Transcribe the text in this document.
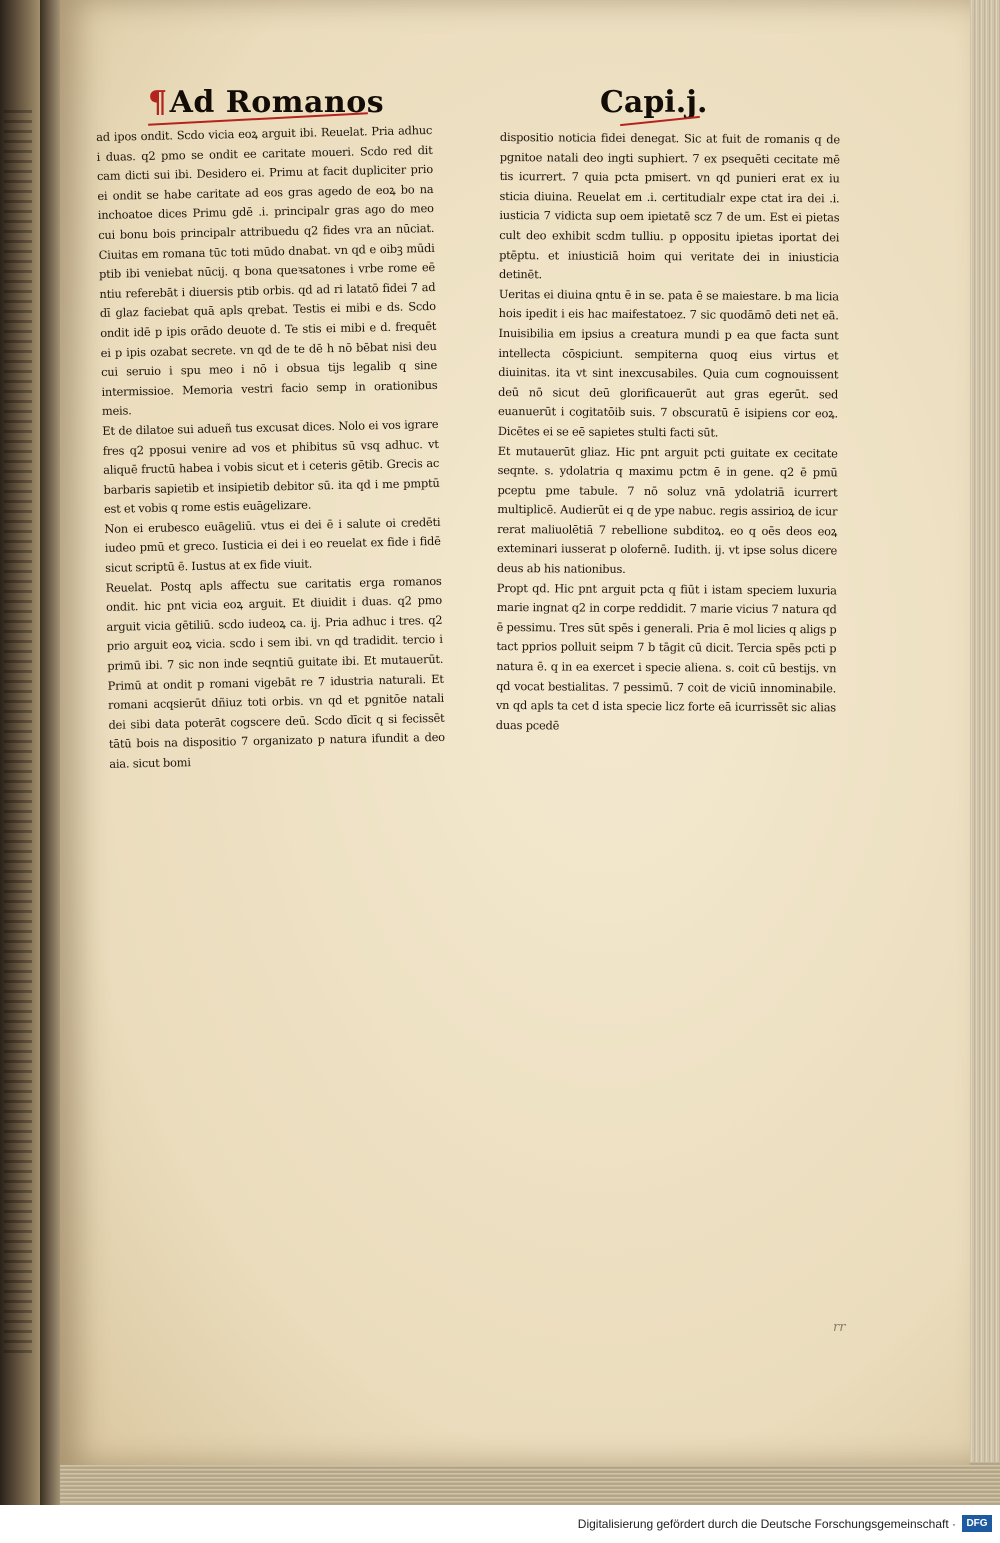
¶Ad Romanos	Capi.j.

ad ipos ondit. Scdo vicia eoꝝ arguit ibi. Reuelat. Pria adhuc i duas. q2 pmo se ondit ee caritate moueri. Scdo red dit cam dicti sui ibi. Desidero ei. Primu at facit dupliciter prio ei ondit se habe caritate ad eos gras agedo de eoꝝ bo na inchoatoe dices Primu gdē .i. principalr gras ago do meo cui bonu bois principalr attribuedu q2 fides vra an nūciat. Ciuitas em romana tūc toti mūdo dnabat. vn qd e oibꝫ mūdi ptib ibi veniebat nūcij. q bona queꝛsatones i vrbe rome eē ntiu referebāt i diuersis ptib orbis. qd ad ri latatō fidei 7 ad dī glaz faciebat quā apls qrebat. Testis ei mibi e ds. Scdo ondit idē p ipis orādo deuote d. Te stis ei mibi e d. frequēt ei p ipis ozabat secrete. vn qd de te dē h nō bēbat nisi deu cui seruio i spu meo i nō i obsua tijs legalib q sine intermissioe. Memoria vestri facio semp in orationibus meis.

Et de dilatoe sui adueñ tus excusat dices. Nolo ei vos igrare fres q2 pposui venire ad vos et phibitus sū vsq adhuc. vt aliquē fructū habea i vobis sicut et i ceteris gētib. Grecis ac barbaris sapietib et insipietib debitor sū. ita qd i me pmptū est et vobis q rome estis euāgelizare.

Non ei erubesco euāgeliū. vtus ei dei ē i salute oi credēti iudeo pmū et greco. Iusticia ei dei i eo reuelat ex fide i fidē sicut scriptū ē. Iustus at ex fide viuit.

Reuelat. Postq apls affectu sue caritatis erga romanos ondit. hic pnt vicia eoꝝ arguit. Et diuidit i duas. q2 pmo arguit vicia gētiliū. scdo iudeoꝝ ca. ij. Pria adhuc i tres. q2 prio arguit eoꝝ vicia. scdo i sem ibi. vn qd tradidit. tercio i primū ibi. 7 sic non inde seqntiū guitate ibi. Et mutauerūt. Primū at ondit p romani vigebāt re 7 idustria naturali. Et romani acqsierūt dñiuz toti orbis. vn qd et pgnitōe natali dei sibi data poterāt cogscere deū. Scdo dīcit q si fecissēt tātū bois na dispositio 7 organizato p natura ifundit a deo aia. sicut bomi

dispositio noticia fidei denegat. Sic at fuit de romanis q de pgnitoe natali deo ingti suphiert. 7 ex psequēti cecitate mē tis icurrert. 7 quia pcta pmisert. vn qd punieri erat ex iu sticia diuina. Reuelat em .i. certitudialr expe ctat ira dei .i. iusticia 7 vidicta sup oem ipietatē scz 7 de um. Est ei pietas cult deo exhibit scdm tulliu. p oppositu ipietas iportat dei ptēptu. et iniusticiā hoim qui veritate dei in iniusticia detinēt.

Ueritas ei diuina qntu ē in se. pata ē se maiestare. b ma licia hois ipedit i eis hac maifestatoez. 7 sic quodāmō deti net eā. Inuisibilia em ipsius a creatura mundi p ea que facta sunt intellecta cōspiciunt. sempiterna quoq eius virtus et diuinitas. ita vt sint inexcusabiles. Quia cum cognouissent deū nō sicut deū glorificauerūt aut gras egerūt. sed euanuerūt i cogitatōib suis. 7 obscuratū ē isipiens cor eoꝝ. Dicētes ei se eē sapietes stulti facti sūt.

Et mutauerūt gliaz. Hic pnt arguit pcti guitate ex cecitate seqnte. s. ydolatria q maximu pctm ē in gene. q2 ē pmū pceptu pme tabule. 7 nō soluz vnā ydolatriā icurrert multiplicē. Audierūt ei q de ype nabuc. regis assirioꝝ de icur rerat maliuolētiā 7 rebellione subditoꝝ. eo q oēs deos eoꝝ exteminari iusserat p olofernē. Iudith. ij. vt ipse solus dicere deus ab his nationibus.

Propt qd. Hic pnt arguit pcta q fiūt i istam speciem luxuria marie ingnat q2 in corpe reddidit. 7 marie vicius 7 natura qd ē pessimu. Tres sūt spēs i generali. Pria ē mol licies q aligs p tact pprios polluit seipm 7 b tāgit cū dicit. Tercia spēs pcti p natura ē. q in ea exercet i specie aliena. s. coit cū bestijs. vn qd vocat bestialitas. 7 pessimū. 7 coit de viciū innominabile. vn qd apls ta cet d ista specie licz forte eā icurrissēt sic alias duas pcedē

rr
Digitalisierung gefördert durch die Deutsche Forschungsgemeinschaft ·	DFG
